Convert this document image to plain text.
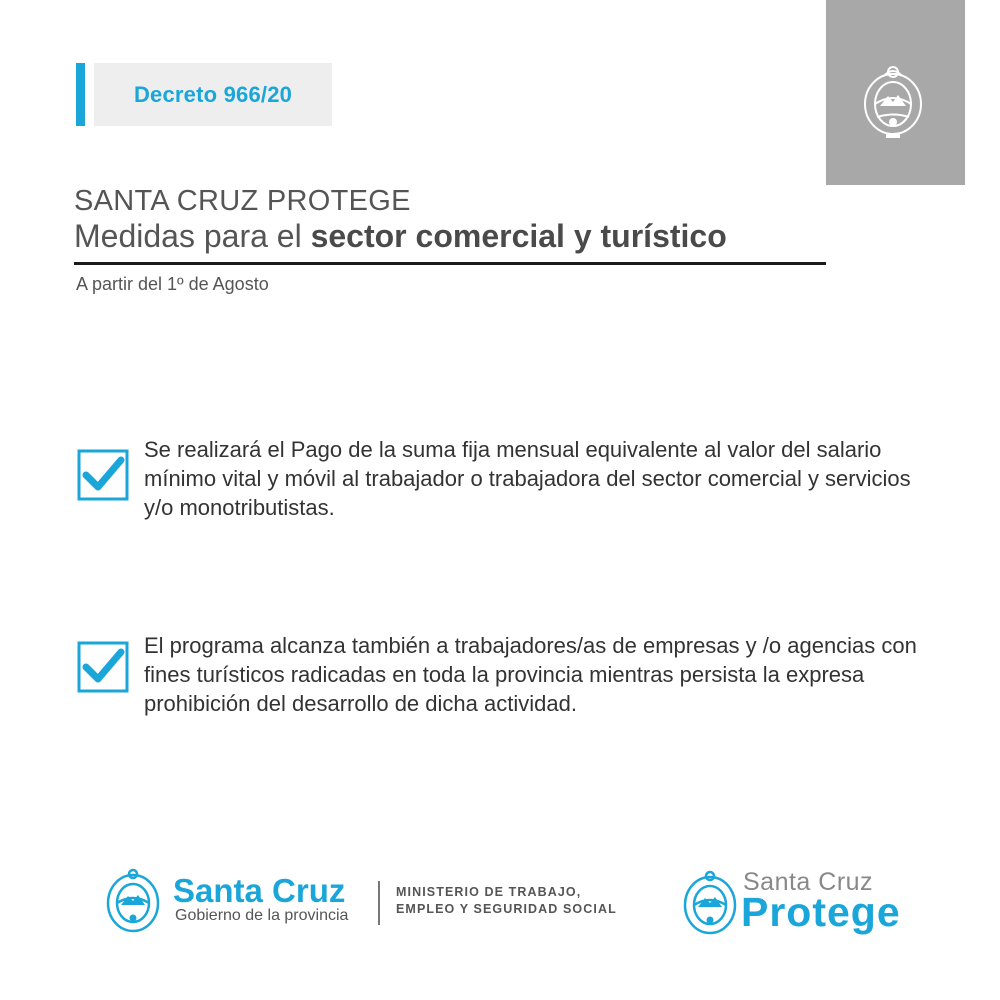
Decreto 966/20
SANTA CRUZ PROTEGE
Medidas para el sector comercial y turístico
A partir del 1º de Agosto
Se realizará el Pago de la suma fija mensual equivalente al valor del salario mínimo vital y móvil al trabajador o trabajadora del sector comercial y servicios y/o monotributistas.
El programa alcanza también a trabajadores/as de empresas y /o agencias con fines turísticos radicadas en toda la provincia mientras persista la expresa prohibición del desarrollo de dicha actividad.
Santa Cruz
Gobierno de la provincia
MINISTERIO DE TRABAJO,
EMPLEO Y SEGURIDAD SOCIAL
Santa Cruz
Protege
